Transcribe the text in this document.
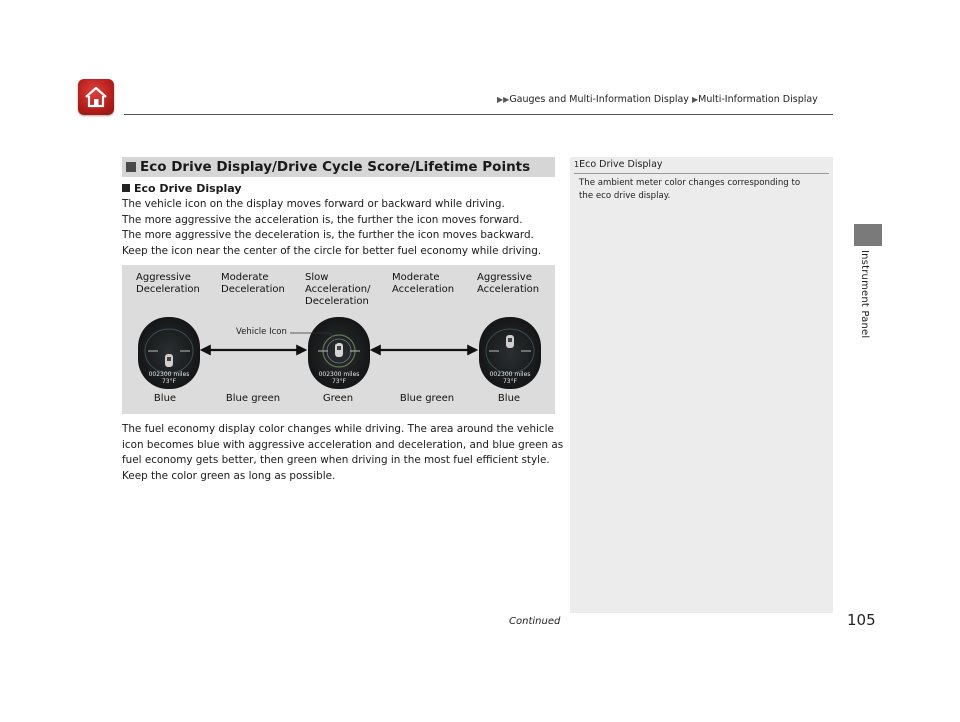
▶▶Gauges and Multi-Information Display ▶Multi-Information Display
Instrument Panel
Eco Drive Display/Drive Cycle Score/Lifetime Points
Eco Drive Display
The vehicle icon on the display moves forward or backward while driving.
The more aggressive the acceleration is, the further the icon moves forward.
The more aggressive the deceleration is, the further the icon moves backward.
Keep the icon near the center of the circle for better fuel economy while driving.
Aggressive
Deceleration
Moderate
Deceleration
Slow
Acceleration/
Deceleration
Moderate
Acceleration
Aggressive
Acceleration
002300 miles
73°F
002300 miles
73°F
002300 miles
73°F
Vehicle Icon
Blue	Blue green	Green	Blue green	Blue
The fuel economy display color changes while driving. The area around the vehicle
icon becomes blue with aggressive acceleration and deceleration, and blue green as
fuel economy gets better, then green when driving in the most fuel efficient style.
Keep the color green as long as possible.
1Eco Drive Display
The ambient meter color changes corresponding to
the eco drive display.
Continued	105
